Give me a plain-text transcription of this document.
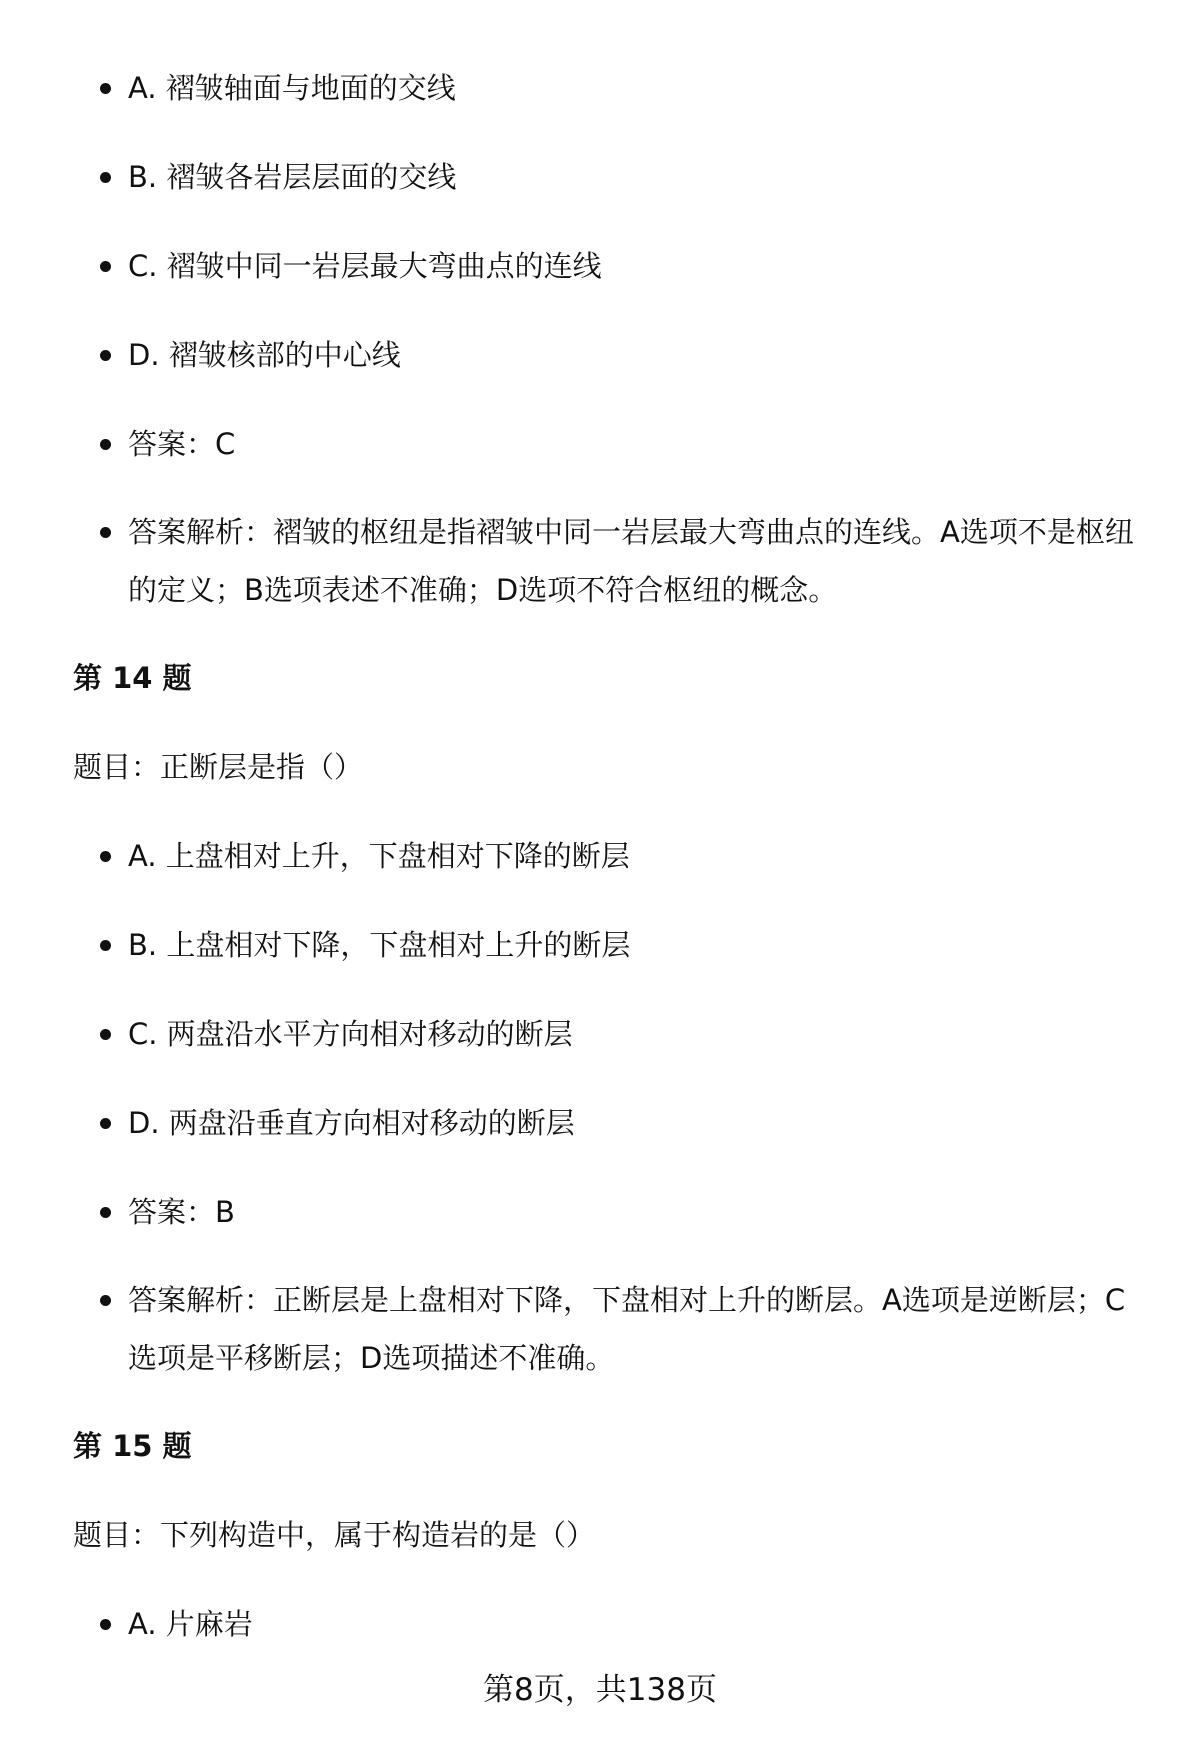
A. 褶皱轴面与地面的交线
B. 褶皱各岩层层面的交线
C. 褶皱中同一岩层最大弯曲点的连线
D. 褶皱核部的中心线
答案：C
答案解析：褶皱的枢纽是指褶皱中同一岩层最大弯曲点的连线。A选项不是枢纽的定义；B选项表述不准确；D选项不符合枢纽的概念。
第 14 题
题目：正断层是指（）
A. 上盘相对上升，下盘相对下降的断层
B. 上盘相对下降，下盘相对上升的断层
C. 两盘沿水平方向相对移动的断层
D. 两盘沿垂直方向相对移动的断层
答案：B
答案解析：正断层是上盘相对下降，下盘相对上升的断层。A选项是逆断层；C选项是平移断层；D选项描述不准确。
第 15 题
题目：下列构造中，属于构造岩的是（）
A. 片麻岩
第8页，共138页
